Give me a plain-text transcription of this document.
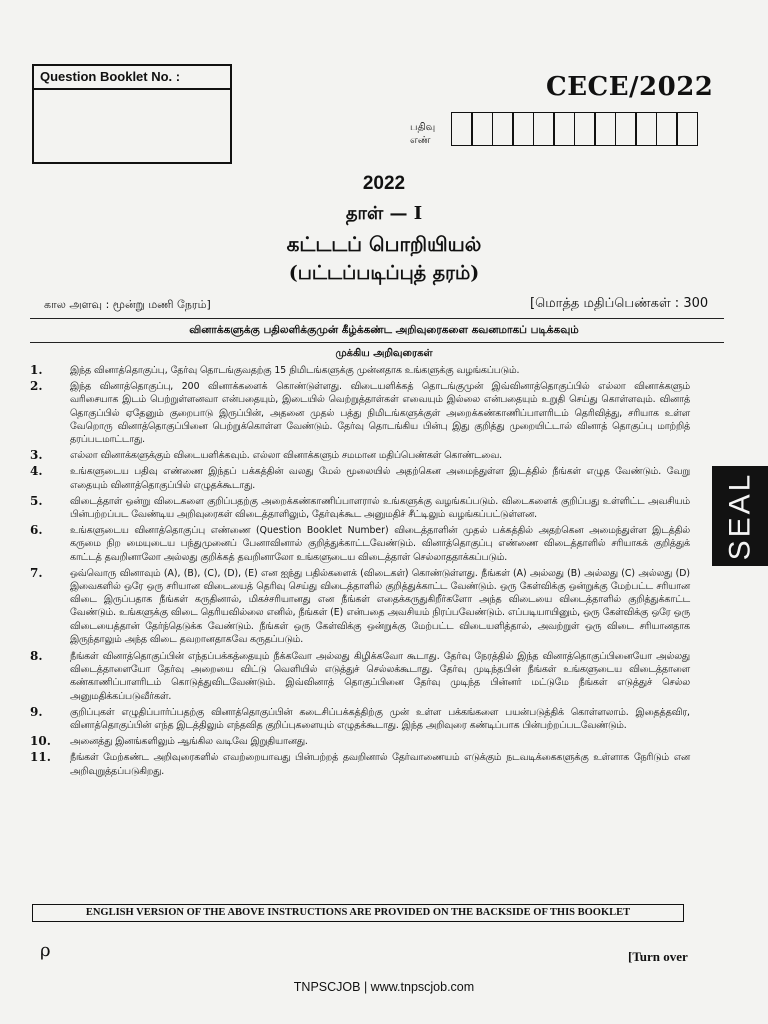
Question Booklet No. :	CECE/2022
பதிவு
எண்
2022
தாள் — I
கட்டடப் பொறியியல்
(பட்டப்படிப்புத் தரம்)
கால அளவு : மூன்று மணி நேரம்]	[மொத்த மதிப்பெண்கள் : 300
வினாக்களுக்கு பதிலளிக்குமுன் கீழ்க்கண்ட அறிவுரைகளை கவனமாகப் படிக்கவும்
முக்கிய அறிவுரைகள்
1.	இந்த வினாத்தொகுப்பு, தேர்வு தொடங்குவதற்கு 15 நிமிடங்களுக்கு முன்னதாக உங்களுக்கு வழங்கப்படும்.
2.	இந்த வினாத்தொகுப்பு, 200 வினாக்களைக் கொண்டுள்ளது. விடையளிக்கத் தொடங்குமுன் இவ்வினாத்தொகுப்பில் எல்லா வினாக்களும் வரிசையாக இடம் பெற்றுள்ளனவா என்பதையும், இடையில் வெற்றுத்தாள்கள் எவையும் இல்லை என்பதையும் உறுதி செய்து கொள்ளவும். வினாத் தொகுப்பில் ஏதேனும் குறைபாடு இருப்பின், அதனை முதல் பத்து நிமிடங்களுக்குள் அறைக்கண்காணிப்பாளரிடம் தெரிவித்து, சரியாக உள்ள வேறொரு வினாத்தொகுப்பினை பெற்றுக்கொள்ள வேண்டும். தேர்வு தொடங்கிய பின்பு இது குறித்து முறையிட்டால் வினாத் தொகுப்பு மாற்றித் தரப்படமாட்டாது.
3.	எல்லா வினாக்களுக்கும் விடையளிக்கவும். எல்லா வினாக்களும் சமமான மதிப்பெண்கள் கொண்டவை.
4.	உங்களுடைய பதிவு எண்ணை இந்தப் பக்கத்தின் வலது மேல் மூலையில் அதற்கென அமைந்துள்ள இடத்தில் நீங்கள் எழுத வேண்டும். வேறு எதையும் வினாத்தொகுப்பில் எழுதக்கூடாது.
5.	விடைத்தாள் ஒன்று விடைகளை குறிப்பதற்கு அறைக்கண்காணிப்பாளரால் உங்களுக்கு வழங்கப்படும். விடைகளைக் குறிப்பது உள்ளிட்ட அவசியம் பின்பற்றப்பட வேண்டிய அறிவுரைகள் விடைத்தாளிலும், தேர்வுக்கூட அனுமதிச் சீட்டிலும் வழங்கப்பட்டுள்ளன.
6.	உங்களுடைய வினாத்தொகுப்பு எண்ணை (Question Booklet Number) விடைத்தாளின் முதல் பக்கத்தில் அதற்கென அமைந்துள்ள இடத்தில் கருமை நிற மையுடைய பந்துமுனைப் பேனாவினால் குறித்துக்காட்டவேண்டும். வினாத்தொகுப்பு எண்ணை விடைத்தாளில் சரியாகக் குறித்துக் காட்டத் தவறினாலோ அல்லது குறிக்கத் தவறினாலோ உங்களுடைய விடைத்தாள் செல்லாததாக்கப்படும்.
7.	ஒவ்வொரு வினாவும் (A), (B), (C), (D), (E) என ஐந்து பதில்களைக் (விடைகள்) கொண்டுள்ளது. நீங்கள் (A) அல்லது (B) அல்லது (C) அல்லது (D) இவைகளில் ஒரே ஒரு சரியான விடையைத் தெரிவு செய்து விடைத்தாளில் குறித்துக்காட்ட வேண்டும். ஒரு கேள்விக்கு ஒன்றுக்கு மேற்பட்ட சரியான விடை இருப்பதாக நீங்கள் கருதினால், மிகச்சரியானது என நீங்கள் எதைக்கருதுகிறீர்களோ அந்த விடையை விடைத்தாளில் குறித்துக்காட்ட வேண்டும். உங்களுக்கு விடை தெரியவில்லை எனில், நீங்கள் (E) என்பதை அவசியம் நிரப்பவேண்டும். எப்படியாயினும், ஒரு கேள்விக்கு ஒரே ஒரு விடையைத்தான் தேர்ந்தெடுக்க வேண்டும். நீங்கள் ஒரு கேள்விக்கு ஒன்றுக்கு மேற்பட்ட விடையளித்தால், அவற்றுள் ஒரு விடை சரியானதாக இருந்தாலும் அந்த விடை தவறானதாகவே கருதப்படும்.
8.	நீங்கள் வினாத்தொகுப்பின் எந்தப்பக்கத்தையும் நீக்கவோ அல்லது கிழிக்கவோ கூடாது. தேர்வு நேரத்தில் இந்த வினாத்தொகுப்பினையோ அல்லது விடைத்தாளையோ தேர்வு அறையை விட்டு வெளியில் எடுத்துச் செல்லக்கூடாது. தேர்வு முடிந்தபின் நீங்கள் உங்களுடைய விடைத்தாளை கண்காணிப்பாளரிடம் கொடுத்துவிடவேண்டும். இவ்வினாத் தொகுப்பினை தேர்வு முடிந்த பின்னர் மட்டுமே நீங்கள் எடுத்துச் செல்ல அனுமதிக்கப்படுவீர்கள்.
9.	குறிப்புகள் எழுதிப்பார்ப்பதற்கு வினாத்தொகுப்பின் கடைசிப்பக்கத்திற்கு முன் உள்ள பக்கங்களை பயன்படுத்திக் கொள்ளலாம். இதைத்தவிர, வினாத்தொகுப்பின் எந்த இடத்திலும் எந்தவித குறிப்புகளையும் எழுதக்கூடாது. இந்த அறிவுரை கண்டிப்பாக பின்பற்றப்படவேண்டும்.
10.	அனைத்து இனங்களிலும் ஆங்கில வடிவே இறுதியானது.
11.	நீங்கள் மேற்கண்ட அறிவுரைகளில் எவற்றையாவது பின்பற்றத் தவறினால் தேர்வாணையம் எடுக்கும் நடவடிக்கைகளுக்கு உள்ளாக நேரிடும் என அறிவுறுத்தப்படுகிறது.
SEAL
ENGLISH VERSION OF THE ABOVE INSTRUCTIONS ARE PROVIDED ON THE BACKSIDE OF THIS BOOKLET
ρ	[Turn over
TNPSCJOB | www.tnpscjob.com
